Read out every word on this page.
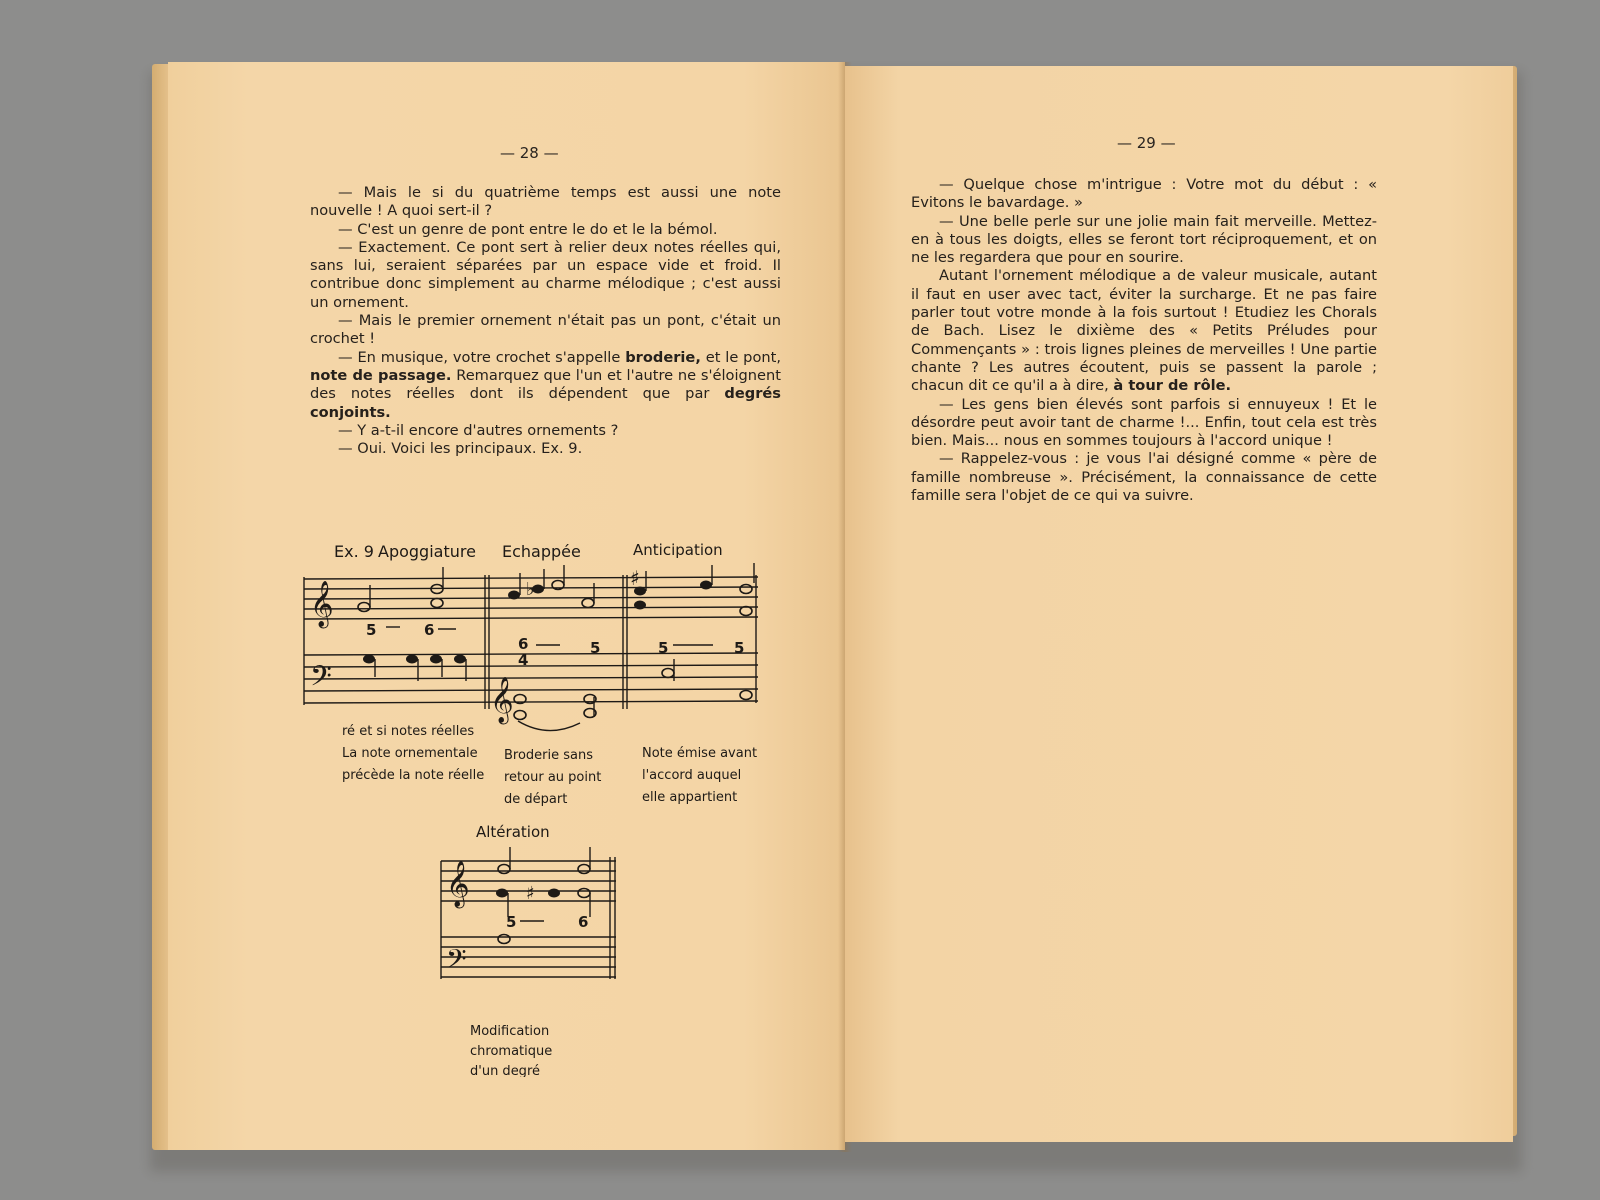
— 28 —

— Mais le si du quatrième temps est aussi une note nouvelle ! A quoi sert-il ?

— C'est un genre de pont entre le do et le la bémol.

— Exactement. Ce pont sert à relier deux notes réelles qui, sans lui, seraient séparées par un espace vide et froid. Il contribue donc simplement au charme mélodique ; c'est aussi un ornement.

— Mais le premier ornement n'était pas un pont, c'était un crochet !

— En musique, votre crochet s'appelle broderie, et le pont, note de passage. Remarquez que l'un et l'autre ne s'éloignent des notes réelles dont ils dépendent que par degrés conjoints.

— Y a-t-il encore d'autres ornements ?

— Oui. Voici les principaux. Ex. 9.

𝄞
𝄢	𝄞
♯
♭
Ex. 9 Apoggiature Echappée	Anticipation
5	6
6
4
5	5	5
ré et si notes réelles
La note ornementale
précède la note réelle
Broderie sans
retour au point
de départ
Note émise avant
l'accord auquel
elle appartient
♯
𝄞
𝄢
5	6
Altération
Modification
chromatique
d'un degré
— 29 —

— Quelque chose m'intrigue : Votre mot du début : « Evitons le bavardage. »

— Une belle perle sur une jolie main fait merveille. Mettez-en à tous les doigts, elles se feront tort réciproquement, et on ne les regardera que pour en sourire.

Autant l'ornement mélodique a de valeur musicale, autant il faut en user avec tact, éviter la surcharge. Et ne pas faire parler tout votre monde à la fois surtout ! Etudiez les Chorals de Bach. Lisez le dixième des « Petits Préludes pour Commençants » : trois lignes pleines de merveilles ! Une partie chante ? Les autres écoutent, puis se passent la parole ; chacun dit ce qu'il a à dire, à tour de rôle.

— Les gens bien élevés sont parfois si ennuyeux ! Et le désordre peut avoir tant de charme !... Enfin, tout cela est très bien. Mais... nous en sommes toujours à l'accord unique !

— Rappelez-vous : je vous l'ai désigné comme « père de famille nombreuse ». Précisément, la connaissance de cette famille sera l'objet de ce qui va suivre.
